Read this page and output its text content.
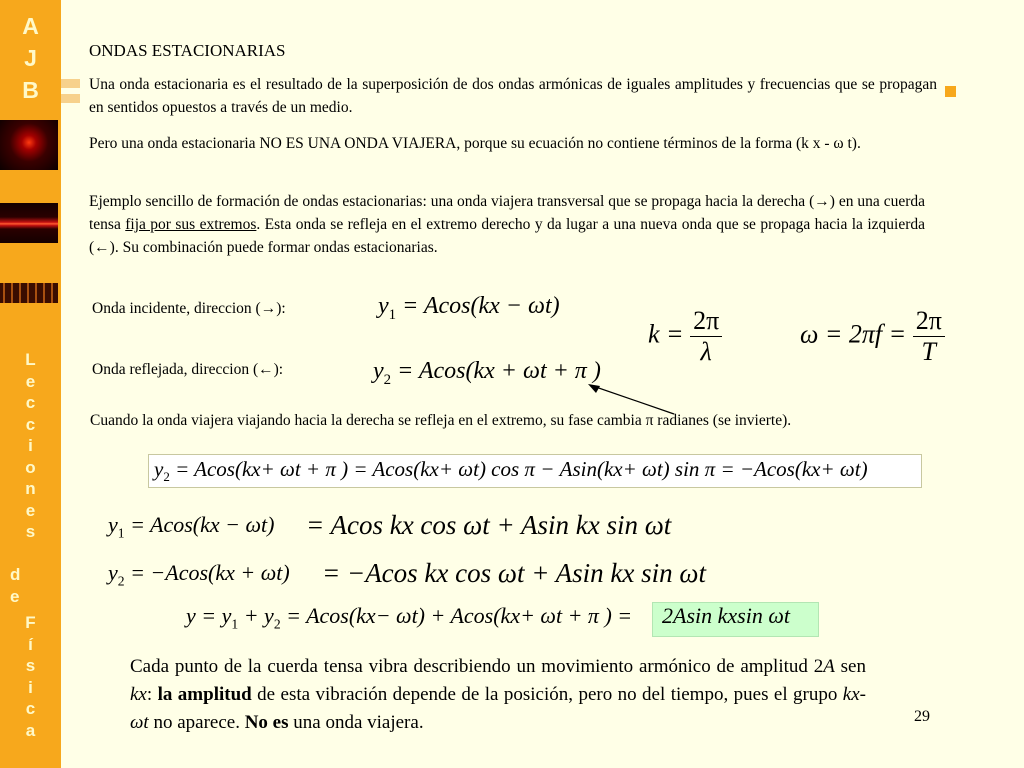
A
J
B
L
e
c
c
i
o
n
e
s
d
e
F
í
s
i
c
a
ONDAS ESTACIONARIAS
Una onda estacionaria es el resultado de la superposición de dos ondas armónicas de iguales amplitudes y frecuencias que se propagan en sentidos opuestos a través de un medio.
Pero una onda estacionaria NO ES UNA ONDA VIAJERA, porque su ecuación no contiene términos de la forma (k x - ω t).
Ejemplo sencillo de formación de ondas estacionarias: una onda viajera transversal que se propaga hacia la derecha (→) en una cuerda tensa fija por sus extremos. Esta onda se refleja en el extremo derecho y da lugar a una nueva onda que se propaga hacia la izquierda (←). Su combinación puede formar ondas estacionarias.
Onda incidente, direccion (→):	$y_1 = Acos(kx - \omega t)$
$k = \frac{2\pi}{\lambda}$	$\omega = 2\pi f = \frac{2\pi}{T}$
Onda reflejada, direccion (←):	$y_2 = Acos(kx + \omega t + \pi$ )
Cuando la onda viajera viajando hacia la derecha se refleja en el extremo, su fase cambia π radianes (se invierte).
$y_2 = Acos(kx+ \omega t + \pi$ ) = Acos(kx+ ωt) cos π − Asin(kx+ ωt) sin π = −Acos(kx+ ωt)
$y_1 = Acos(kx - \omega t) = Acos$ kx cos ωt + Asin kx sin ωt
$y_2 = -Acos(kx + \omega t) = -Acos$ kx cos ωt + Asin kx sin ωt
$y = y_1 + y_2 = Acos(kx- \omega t) + Acos(kx+ \omega t + \pi$ ) = 2Asin kxsin ωt
Cada punto de la cuerda tensa vibra describiendo un movimiento armónico de amplitud 2A sen kx: la amplitud de esta vibración depende de la posición, pero no del tiempo, pues el grupo kx-ωt no aparece. No es una onda viajera.	29
